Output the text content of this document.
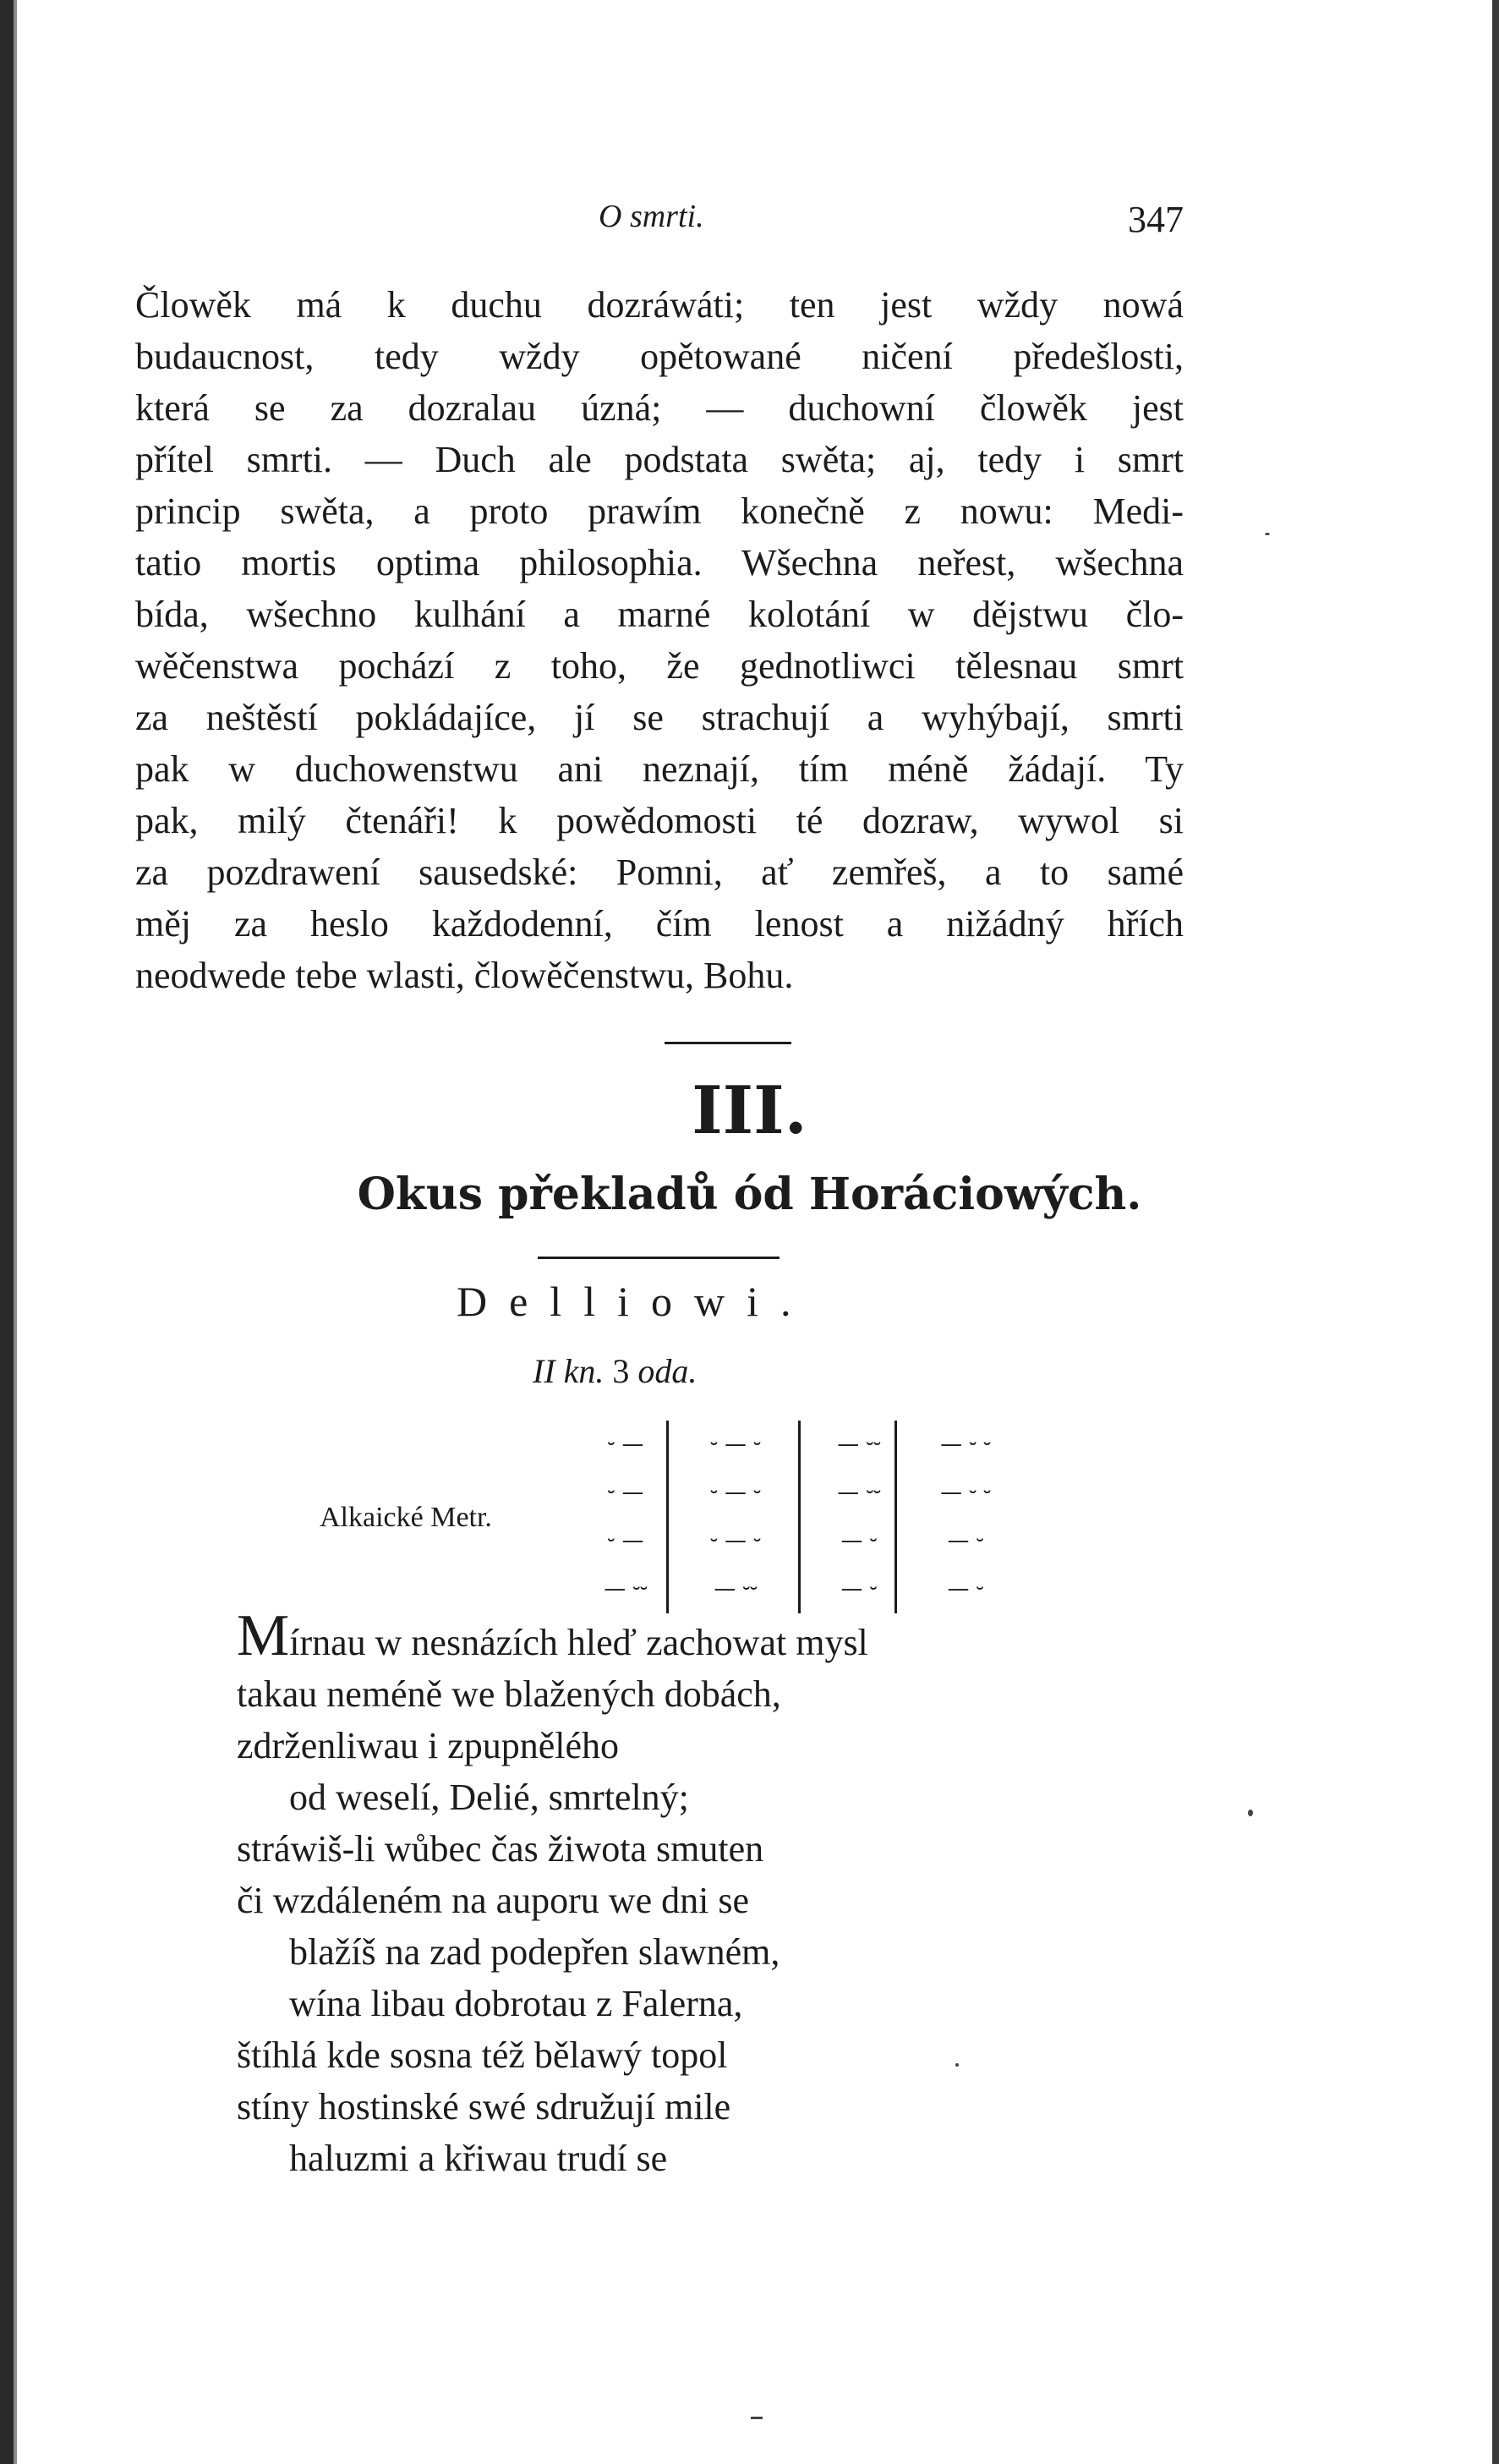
O smrti.	347
Člowěk má k duchu dozráwáti; ten jest wždy nowá
budaucnost, tedy wždy opětowané ničení předešlosti,
která se za dozralau úzná; — duchowní člowěk jest
přítel smrti. — Duch ale podstata swěta; aj, tedy i smrt
princip swěta, a proto prawím konečně z nowu: Medi-
tatio mortis optima philosophia. Wšechna neřest, wšechna
bída, wšechno kulhání a marné kolotání w dějstwu člo-
wěčenstwa pochází z toho, že gednotliwci tělesnau smrt
za neštěstí pokládajíce, jí se strachují a wyhýbají, smrti
pak w duchowenstwu ani neznají, tím méně žádají. Ty
pak, milý čtenáři! k powědomosti té dozraw, wywol si
za pozdrawení sausedské: Pomni, ať zemřeš, a to samé
měj za heslo každodenní, čím lenost a nižádný hřích
neodwede tebe wlasti, člowěčenstwu, Bohu.
III.
Okus překladů ód Horáciowých.
Delliowi.
II kn. 3 oda.
Alkaické Metr.
⏑ —
⏑ —
⏑ —
— ⏑⏑
⏑ — ⏑
⏑ — ⏑
⏑ — ⏑
— ⏑⏑
— ⏑⏑
— ⏑⏑
— ⏑
— ⏑
— ⏑ ⏑
— ⏑ ⏑
— ⏑
— ⏑
Mírnau w nesnázích hleď zachowat mysl
takau neméně we blažených dobách,
zdrženliwau i zpupnělého
od weselí, Delié, smrtelný;
stráwiš-li wůbec čas žiwota smuten
či wzdáleném na auporu we dni se
blažíš na zad podepřen slawném,
wína libau dobrotau z Falerna,
štíhlá kde sosna též bělawý topol
stíny hostinské swé sdružují mile
haluzmi a křiwau trudí se
